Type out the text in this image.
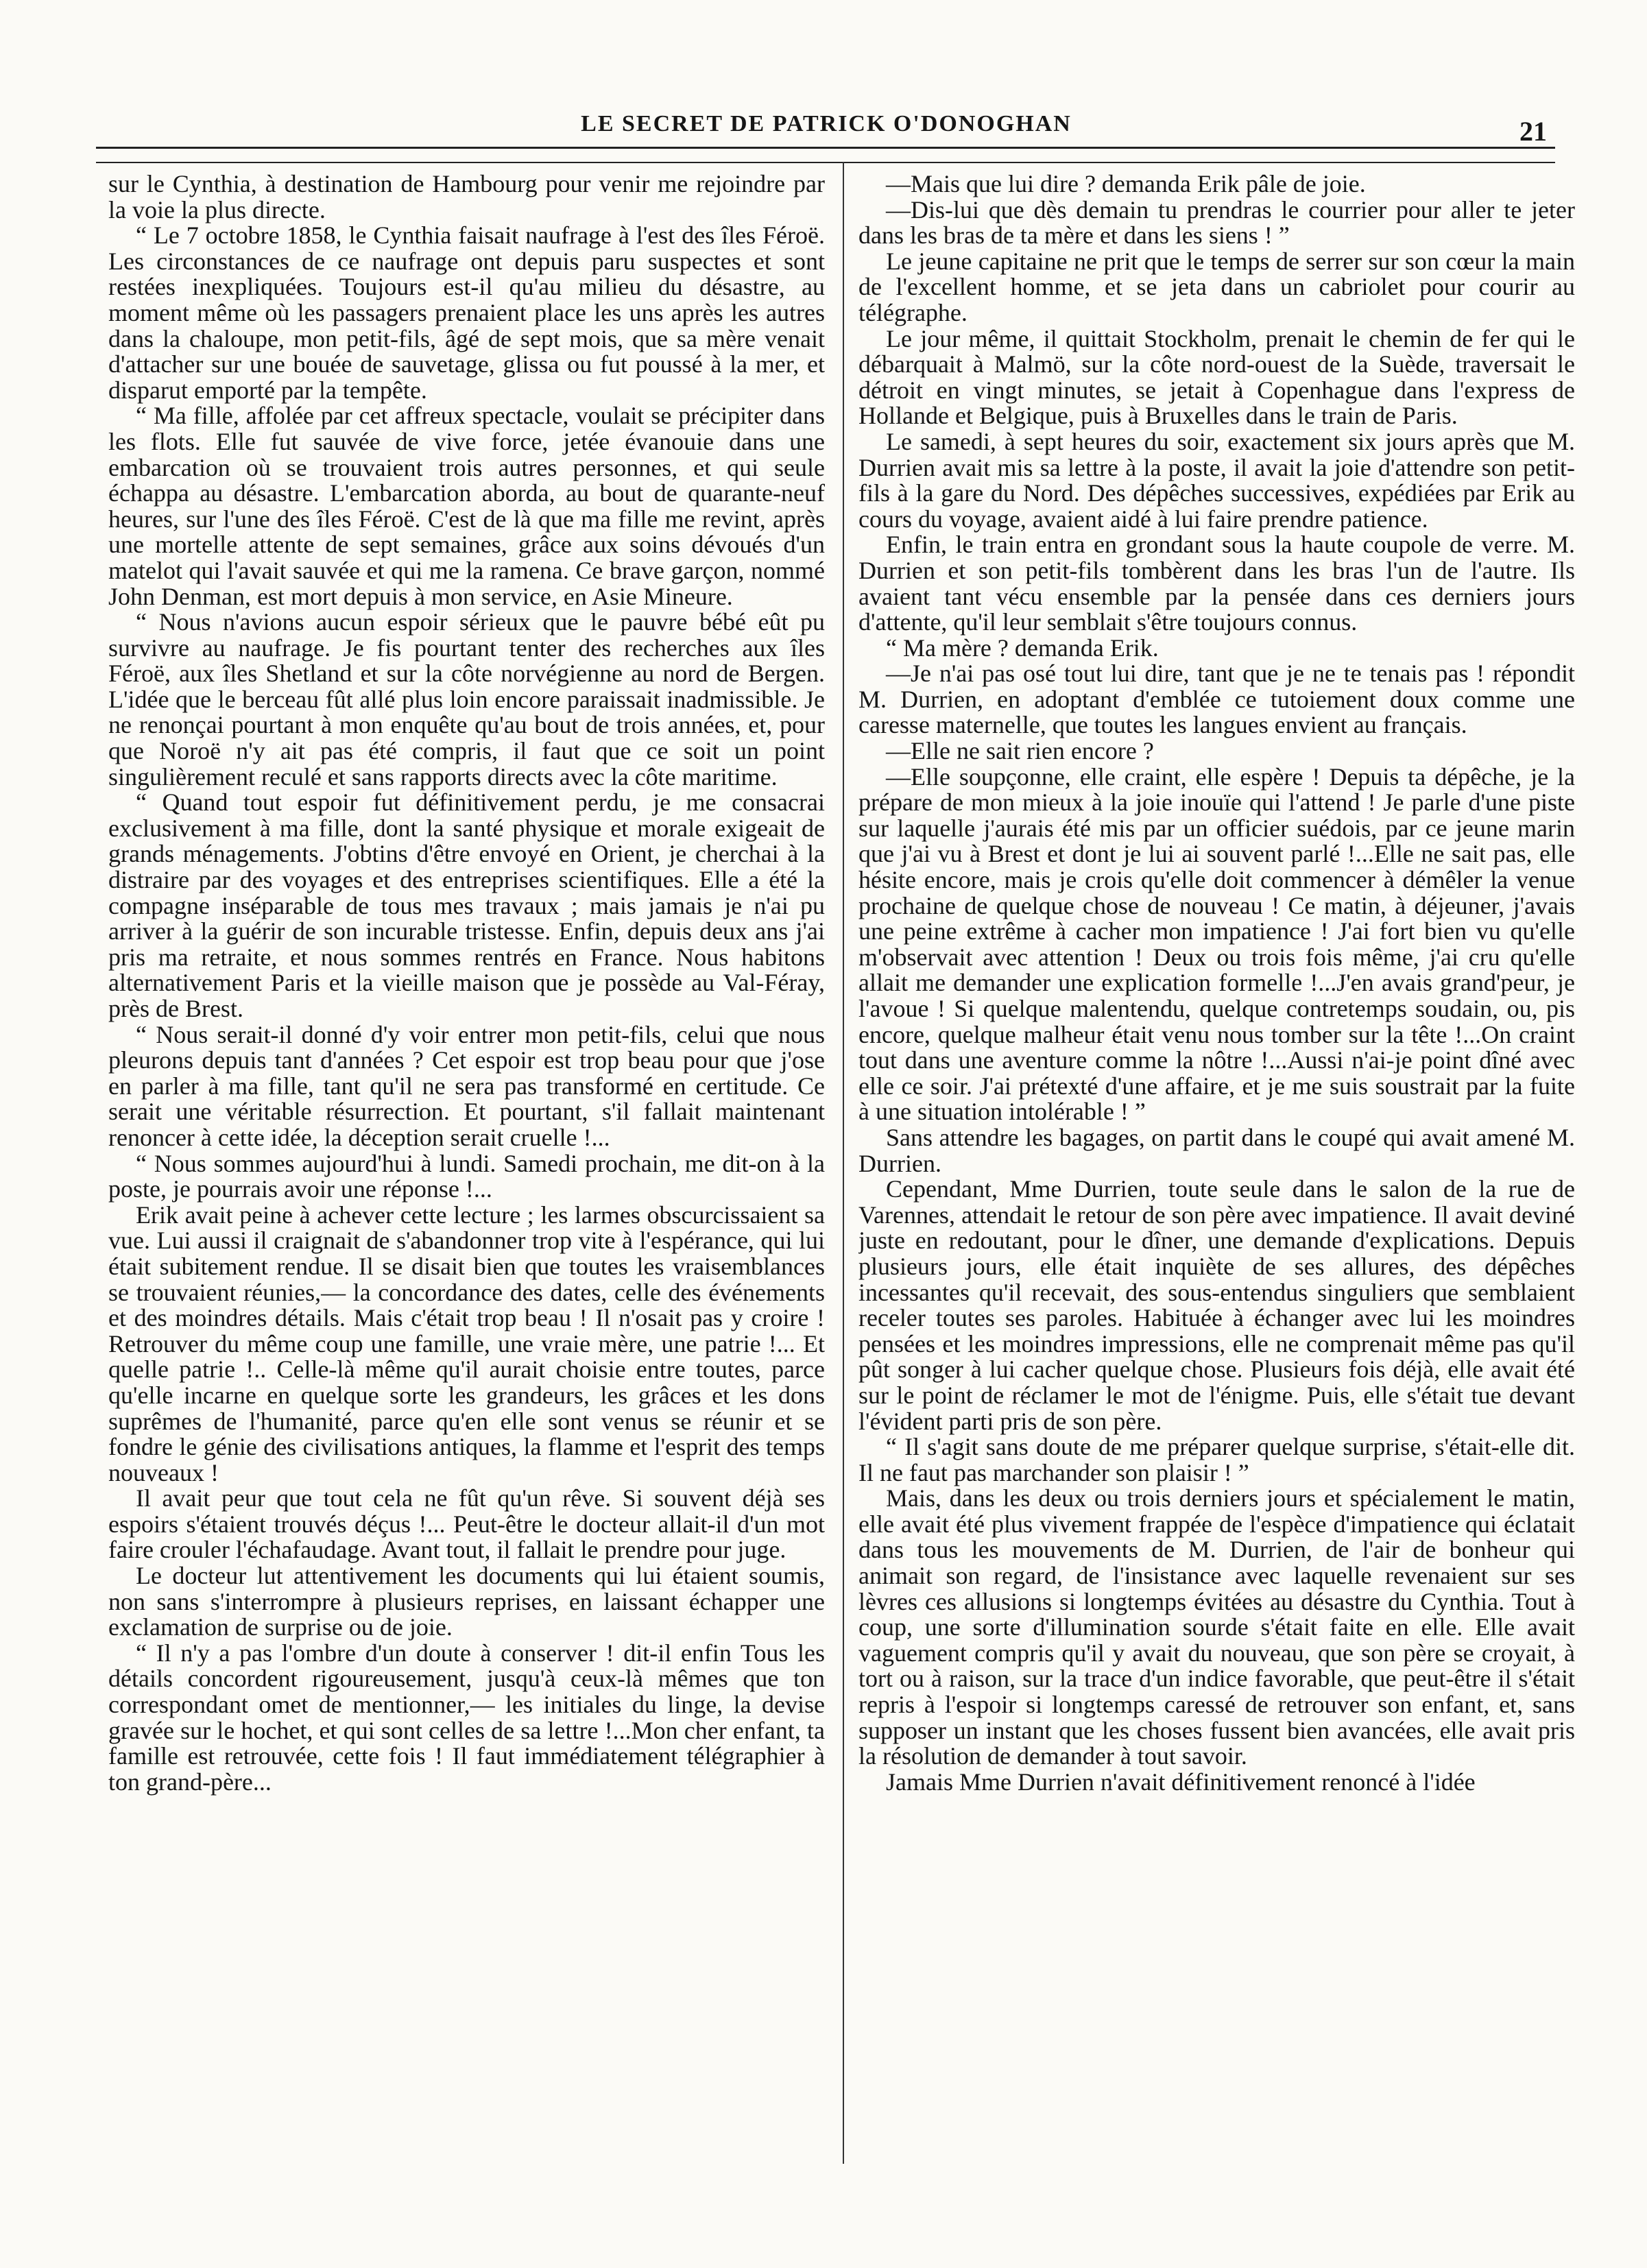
LE SECRET DE PATRICK O'DONOGHAN	21

sur le Cynthia, à destination de Hambourg pour venir me rejoindre par la voie la plus directe.

“ Le 7 octobre 1858, le Cynthia faisait naufrage à l'est des îles Féroë. Les circonstances de ce naufrage ont depuis paru suspectes et sont restées inexpliquées. Toujours est-il qu'au milieu du désastre, au moment même où les passagers prenaient place les uns après les autres dans la chaloupe, mon petit-fils, âgé de sept mois, que sa mère venait d'attacher sur une bouée de sauvetage, glissa ou fut poussé à la mer, et disparut emporté par la tempête.

“ Ma fille, affolée par cet affreux spectacle, voulait se précipiter dans les flots. Elle fut sauvée de vive force, jetée évanouie dans une embarcation où se trouvaient trois autres personnes, et qui seule échappa au désastre. L'embarcation aborda, au bout de quarante-neuf heures, sur l'une des îles Féroë. C'est de là que ma fille me revint, après une mortelle attente de sept semaines, grâce aux soins dévoués d'un matelot qui l'avait sauvée et qui me la ramena. Ce brave garçon, nommé John Denman, est mort depuis à mon service, en Asie Mineure.

“ Nous n'avions aucun espoir sérieux que le pauvre bébé eût pu survivre au naufrage. Je fis pourtant tenter des recherches aux îles Féroë, aux îles Shetland et sur la côte norvégienne au nord de Bergen. L'idée que le berceau fût allé plus loin encore paraissait inadmissible. Je ne renonçai pourtant à mon enquête qu'au bout de trois années, et, pour que Noroë n'y ait pas été compris, il faut que ce soit un point singulièrement reculé et sans rapports directs avec la côte maritime.

“ Quand tout espoir fut définitivement perdu, je me consacrai exclusivement à ma fille, dont la santé physique et morale exigeait de grands ménagements. J'obtins d'être envoyé en Orient, je cherchai à la distraire par des voyages et des entreprises scientifiques. Elle a été la compagne inséparable de tous mes travaux ; mais jamais je n'ai pu arriver à la guérir de son incurable tristesse. Enfin, depuis deux ans j'ai pris ma retraite, et nous sommes rentrés en France. Nous habitons alternativement Paris et la vieille maison que je possède au Val-Féray, près de Brest.

“ Nous serait-il donné d'y voir entrer mon petit-fils, celui que nous pleurons depuis tant d'années ? Cet espoir est trop beau pour que j'ose en parler à ma fille, tant qu'il ne sera pas transformé en certitude. Ce serait une véritable résurrection. Et pourtant, s'il fallait maintenant renoncer à cette idée, la déception serait cruelle !...

“ Nous sommes aujourd'hui à lundi. Samedi prochain, me dit-on à la poste, je pourrais avoir une réponse !...

Erik avait peine à achever cette lecture ; les larmes obscurcissaient sa vue. Lui aussi il craignait de s'abandonner trop vite à l'espérance, qui lui était subitement rendue. Il se disait bien que toutes les vraisemblances se trouvaient réunies,— la concordance des dates, celle des événements et des moindres détails. Mais c'était trop beau ! Il n'osait pas y croire ! Retrouver du même coup une famille, une vraie mère, une patrie !... Et quelle patrie !.. Celle-là même qu'il aurait choisie entre toutes, parce qu'elle incarne en quelque sorte les grandeurs, les grâces et les dons suprêmes de l'humanité, parce qu'en elle sont venus se réunir et se fondre le génie des civilisations antiques, la flamme et l'esprit des temps nouveaux !

Il avait peur que tout cela ne fût qu'un rêve. Si souvent déjà ses espoirs s'étaient trouvés déçus !... Peut-être le docteur allait-il d'un mot faire crouler l'échafaudage. Avant tout, il fallait le prendre pour juge.

Le docteur lut attentivement les documents qui lui étaient soumis, non sans s'interrompre à plusieurs reprises, en laissant échapper une exclamation de surprise ou de joie.

“ Il n'y a pas l'ombre d'un doute à conserver ! dit-il enfin Tous les détails concordent rigoureusement, jusqu'à ceux-là mêmes que ton correspondant omet de mentionner,— les initiales du linge, la devise gravée sur le hochet, et qui sont celles de sa lettre !...Mon cher enfant, ta famille est retrouvée, cette fois ! Il faut immédiatement télégraphier à ton grand-père...

—Mais que lui dire ? demanda Erik pâle de joie.

—Dis-lui que dès demain tu prendras le courrier pour aller te jeter dans les bras de ta mère et dans les siens ! ”

Le jeune capitaine ne prit que le temps de serrer sur son cœur la main de l'excellent homme, et se jeta dans un cabriolet pour courir au télégraphe.

Le jour même, il quittait Stockholm, prenait le chemin de fer qui le débarquait à Malmö, sur la côte nord-ouest de la Suède, traversait le détroit en vingt minutes, se jetait à Copenhague dans l'express de Hollande et Belgique, puis à Bruxelles dans le train de Paris.

Le samedi, à sept heures du soir, exactement six jours après que M. Durrien avait mis sa lettre à la poste, il avait la joie d'attendre son petit-fils à la gare du Nord. Des dépêches successives, expédiées par Erik au cours du voyage, avaient aidé à lui faire prendre patience.

Enfin, le train entra en grondant sous la haute coupole de verre. M. Durrien et son petit-fils tombèrent dans les bras l'un de l'autre. Ils avaient tant vécu ensemble par la pensée dans ces derniers jours d'attente, qu'il leur semblait s'être toujours connus.

“ Ma mère ? demanda Erik.

—Je n'ai pas osé tout lui dire, tant que je ne te tenais pas ! répondit M. Durrien, en adoptant d'emblée ce tutoiement doux comme une caresse maternelle, que toutes les langues envient au français.

—Elle ne sait rien encore ?

—Elle soupçonne, elle craint, elle espère ! Depuis ta dépêche, je la prépare de mon mieux à la joie inouïe qui l'attend ! Je parle d'une piste sur laquelle j'aurais été mis par un officier suédois, par ce jeune marin que j'ai vu à Brest et dont je lui ai souvent parlé !...Elle ne sait pas, elle hésite encore, mais je crois qu'elle doit commencer à démêler la venue prochaine de quelque chose de nouveau ! Ce matin, à déjeuner, j'avais une peine extrême à cacher mon impatience ! J'ai fort bien vu qu'elle m'observait avec attention ! Deux ou trois fois même, j'ai cru qu'elle allait me demander une explication formelle !...J'en avais grand'peur, je l'avoue ! Si quelque malentendu, quelque contretemps soudain, ou, pis encore, quelque malheur était venu nous tomber sur la tête !...On craint tout dans une aventure comme la nôtre !...Aussi n'ai-je point dîné avec elle ce soir. J'ai prétexté d'une affaire, et je me suis soustrait par la fuite à une situation intolérable ! ”

Sans attendre les bagages, on partit dans le coupé qui avait amené M. Durrien.

Cependant, Mme Durrien, toute seule dans le salon de la rue de Varennes, attendait le retour de son père avec impatience. Il avait deviné juste en redoutant, pour le dîner, une demande d'explications. Depuis plusieurs jours, elle était inquiète de ses allures, des dépêches incessantes qu'il recevait, des sous-entendus singuliers que semblaient receler toutes ses paroles. Habituée à échanger avec lui les moindres pensées et les moindres impressions, elle ne comprenait même pas qu'il pût songer à lui cacher quelque chose. Plusieurs fois déjà, elle avait été sur le point de réclamer le mot de l'énigme. Puis, elle s'était tue devant l'évident parti pris de son père.

“ Il s'agit sans doute de me préparer quelque surprise, s'était-elle dit. Il ne faut pas marchander son plaisir ! ”

Mais, dans les deux ou trois derniers jours et spécialement le matin, elle avait été plus vivement frappée de l'espèce d'impatience qui éclatait dans tous les mouvements de M. Durrien, de l'air de bonheur qui animait son regard, de l'insistance avec laquelle revenaient sur ses lèvres ces allusions si longtemps évitées au désastre du Cynthia. Tout à coup, une sorte d'illumination sourde s'était faite en elle. Elle avait vaguement compris qu'il y avait du nouveau, que son père se croyait, à tort ou à raison, sur la trace d'un indice favorable, que peut-être il s'était repris à l'espoir si longtemps caressé de retrouver son enfant, et, sans supposer un instant que les choses fussent bien avancées, elle avait pris la résolution de demander à tout savoir.

Jamais Mme Durrien n'avait définitivement renoncé à l'idée
